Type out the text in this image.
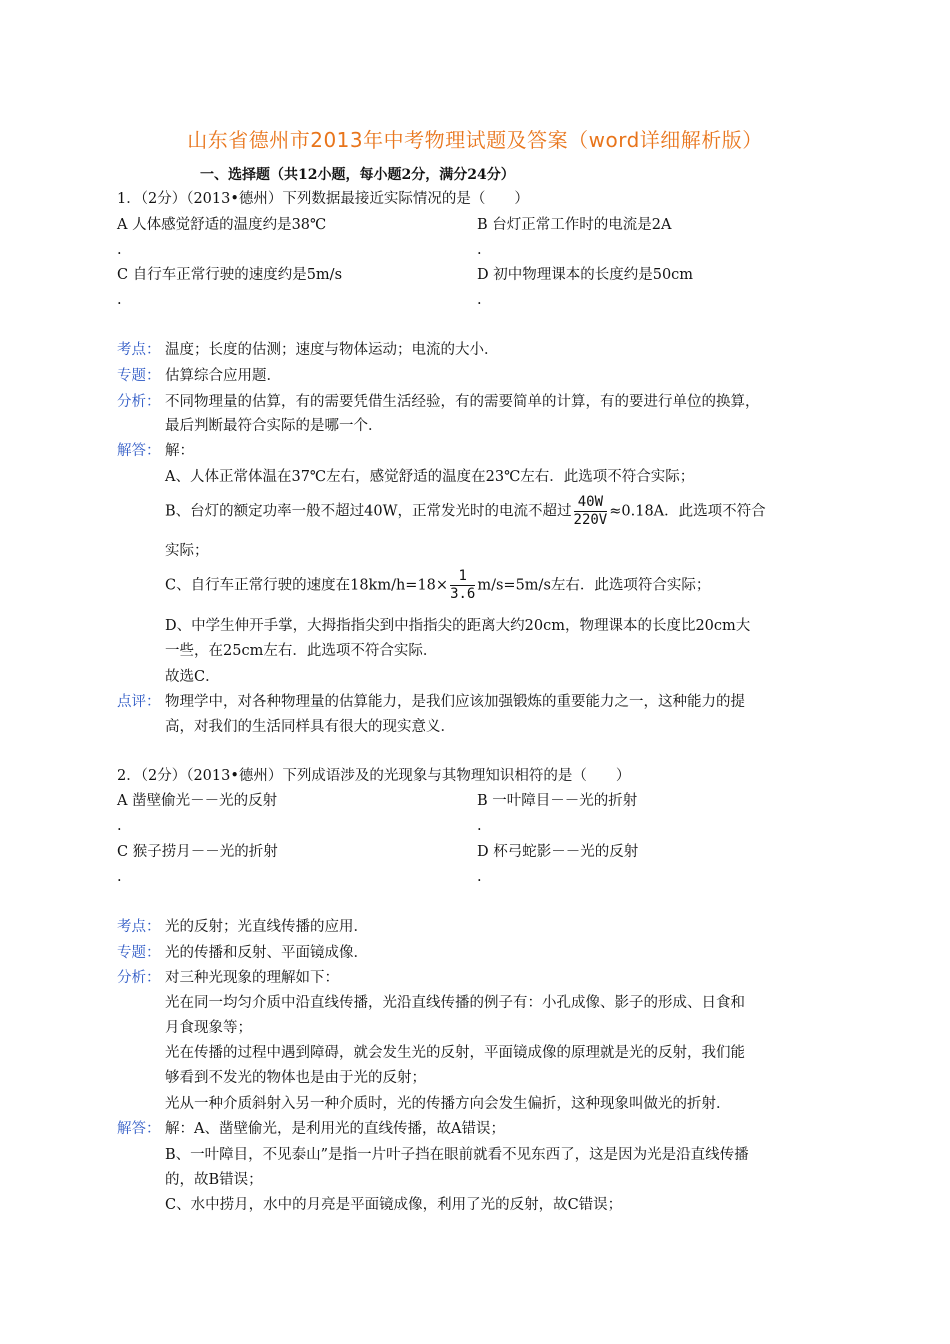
山东省德州市2013年中考物理试题及答案（word详细解析版）
一、选择题（共12小题，每小题2分，满分24分）
1．（2分）（2013•德州）下列数据最接近实际情况的是（　　）
A 人体感觉舒适的温度约是38℃	B 台灯正常工作时的电流是2A
.	.
C 自行车正常行驶的速度约是5m/s	D 初中物理课本的长度约是50cm
.	.
考点： 温度；长度的估测；速度与物体运动；电流的大小．
专题： 估算综合应用题．
分析： 不同物理量的估算，有的需要凭借生活经验，有的需要简单的计算，有的要进行单位的换算，
最后判断最符合实际的是哪一个．
解答： 解：
A、人体正常体温在37℃左右，感觉舒适的温度在23℃左右．此选项不符合实际；
B、台灯的额定功率一般不超过40W，正常发光时的电流不超过 $\frac{40W}{220V} \approx 0.18A$．此选项不符合
实际；
C、自行车正常行驶的速度在$18km/h=18\times \frac{1}{3.6} m/s=5m/s$左右．此选项符合实际；
D、中学生伸开手掌，大拇指指尖到中指指尖的距离大约20cm，物理课本的长度比20cm大
一些，在25cm左右．此选项不符合实际．
故选C．
点评： 物理学中，对各种物理量的估算能力，是我们应该加强锻炼的重要能力之一，这种能力的提
高，对我们的生活同样具有很大的现实意义．
2．（2分）（2013•德州）下列成语涉及的光现象与其物理知识相符的是（　　）
A 凿壁偷光－－光的反射	B 一叶障目－－光的折射
.	.
C 猴子捞月－－光的折射	D 杯弓蛇影－－光的反射
.	.
考点： 光的反射；光直线传播的应用．
专题： 光的传播和反射、平面镜成像．
分析： 对三种光现象的理解如下：
光在同一均匀介质中沿直线传播，光沿直线传播的例子有：小孔成像、影子的形成、日食和
月食现象等；
光在传播的过程中遇到障碍，就会发生光的反射，平面镜成像的原理就是光的反射，我们能
够看到不发光的物体也是由于光的反射；
光从一种介质斜射入另一种介质时，光的传播方向会发生偏折，这种现象叫做光的折射．
解答： 解：A、凿壁偷光，是利用光的直线传播，故A错误；
B、一叶障目，不见泰山”是指一片叶子挡在眼前就看不见东西了，这是因为光是沿直线传播
的，故B错误；
C、水中捞月，水中的月亮是平面镜成像，利用了光的反射，故C错误；
